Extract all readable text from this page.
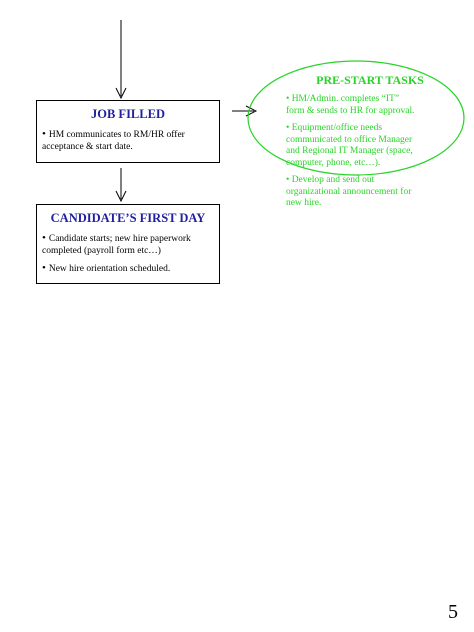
JOB FILLED

• HM communicates to RM/HR offer acceptance & start date.

CANDIDATE’S FIRST DAY

• Candidate starts; new hire paperwork completed (payroll form etc…)

• New hire orientation scheduled.

PRE-START TASKS

• HM/Admin. completes “IT” form & sends to HR for approval.

• Equipment/office needs communicated to office Manager and Regional IT Manager (space, computer, phone, etc…).

• Develop and send out organizational announcement for new hire.

5
